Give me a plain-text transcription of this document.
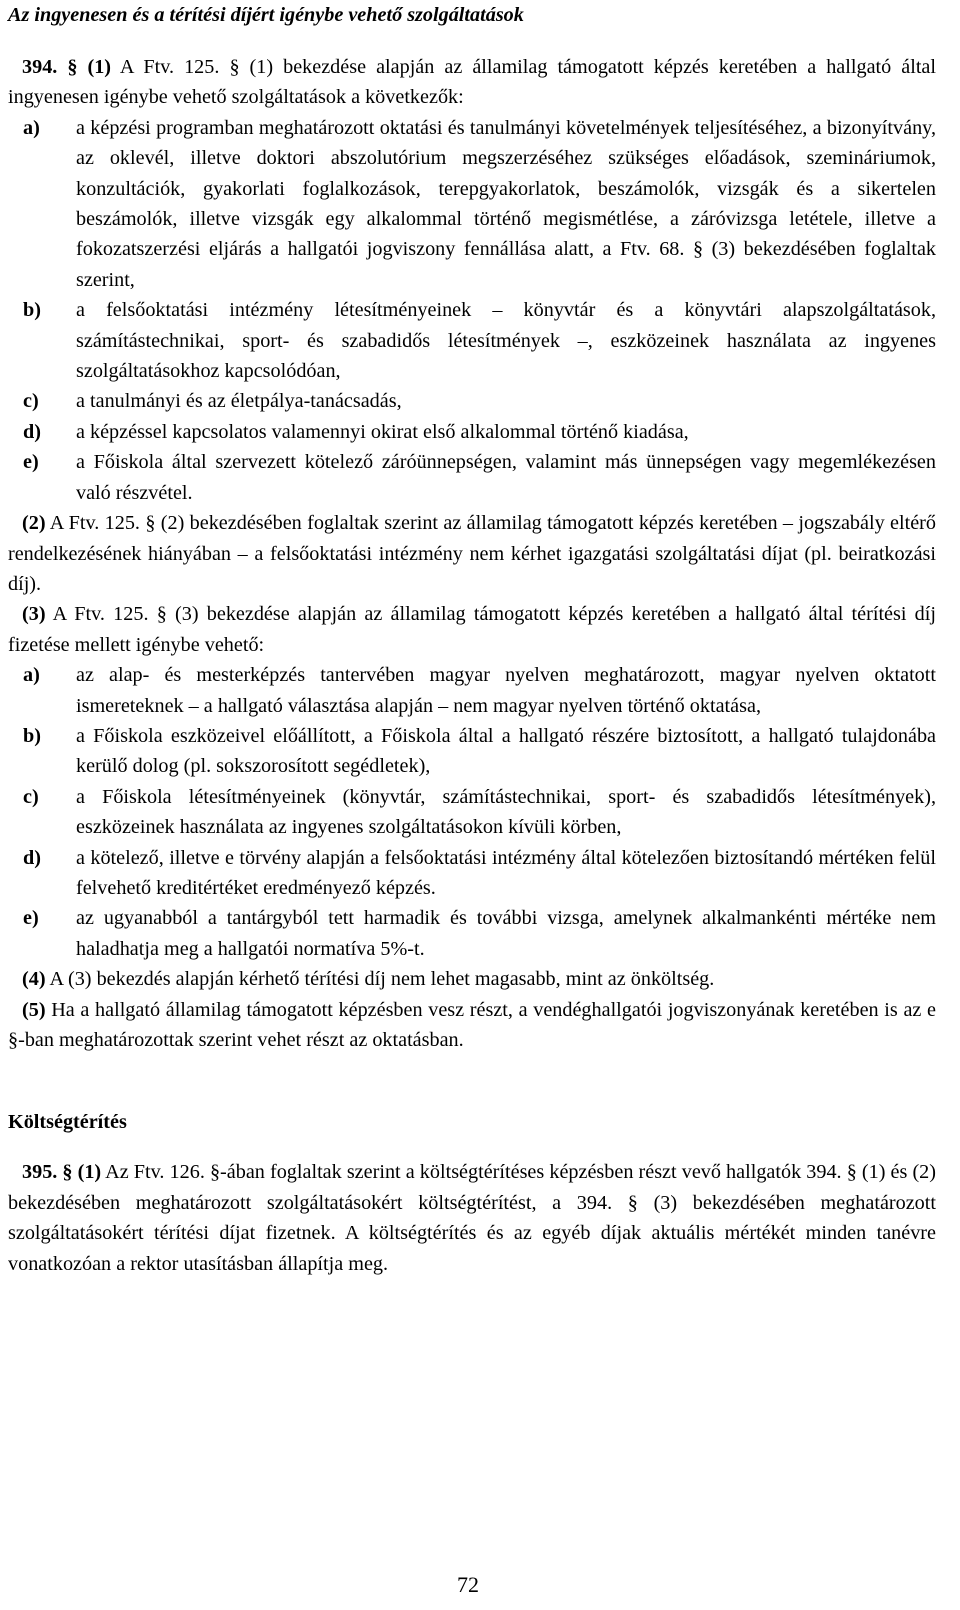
Az ingyenesen és a térítési díjért igénybe vehető szolgáltatások

394. § (1) A Ftv. 125. § (1) bekezdése alapján az államilag támogatott képzés keretében a hallgató által ingyenesen igénybe vehető szolgáltatások a következők:

a)	a képzési programban meghatározott oktatási és tanulmányi követelmények teljesítéséhez, a bizonyítvány, az oklevél, illetve doktori abszolutórium megszerzéséhez szükséges előadások, szemináriumok, konzultációk, gyakorlati foglalkozások, terepgyakorlatok, beszámolók, vizsgák és a sikertelen beszámolók, illetve vizsgák egy alkalommal történő megismétlése, a záróvizsga letétele, illetve a fokozatszerzési eljárás a hallgatói jogviszony fennállása alatt, a Ftv. 68. § (3) bekezdésében foglaltak szerint,
b)	a felsőoktatási intézmény létesítményeinek – könyvtár és a könyvtári alapszolgáltatások, számítástechnikai, sport- és szabadidős létesítmények –, eszközeinek használata az ingyenes szolgáltatásokhoz kapcsolódóan,
c)	a tanulmányi és az életpálya-tanácsadás,
d)	a képzéssel kapcsolatos valamennyi okirat első alkalommal történő kiadása,
e)	a Főiskola által szervezett kötelező záróünnepségen, valamint más ünnepségen vagy megemlékezésen való részvétel.

(2) A Ftv. 125. § (2) bekezdésében foglaltak szerint az államilag támogatott képzés keretében – jogszabály eltérő rendelkezésének hiányában – a felsőoktatási intézmény nem kérhet igazgatási szolgáltatási díjat (pl. beiratkozási díj).

(3) A Ftv. 125. § (3) bekezdése alapján az államilag támogatott képzés keretében a hallgató által térítési díj fizetése mellett igénybe vehető:

a)	az alap- és mesterképzés tantervében magyar nyelven meghatározott, magyar nyelven oktatott ismereteknek – a hallgató választása alapján – nem magyar nyelven történő oktatása,
b)	a Főiskola eszközeivel előállított, a Főiskola által a hallgató részére biztosított, a hallgató tulajdonába kerülő dolog (pl. sokszorosított segédletek),
c)	a Főiskola létesítményeinek (könyvtár, számítástechnikai, sport- és szabadidős létesítmények), eszközeinek használata az ingyenes szolgáltatásokon kívüli körben,
d)	a kötelező, illetve e törvény alapján a felsőoktatási intézmény által kötelezően biztosítandó mértéken felül felvehető kreditértéket eredményező képzés.
e)	az ugyanabból a tantárgyból tett harmadik és további vizsga, amelynek alkalmankénti mértéke nem haladhatja meg a hallgatói normatíva 5%-t.

(4) A (3) bekezdés alapján kérhető térítési díj nem lehet magasabb, mint az önköltség.

(5) Ha a hallgató államilag támogatott képzésben vesz részt, a vendéghallgatói jogviszonyának keretében is az e §-ban meghatározottak szerint vehet részt az oktatásban.

Költségtérítés

395. § (1) Az Ftv. 126. §-ában foglaltak szerint a költségtérítéses képzésben részt vevő hallgatók 394. § (1) és (2) bekezdésében meghatározott szolgáltatásokért költségtérítést, a 394. § (3) bekezdésében meghatározott szolgáltatásokért térítési díjat fizetnek. A költségtérítés és az egyéb díjak aktuális mértékét minden tanévre vonatkozóan a rektor utasításban állapítja meg.

72
